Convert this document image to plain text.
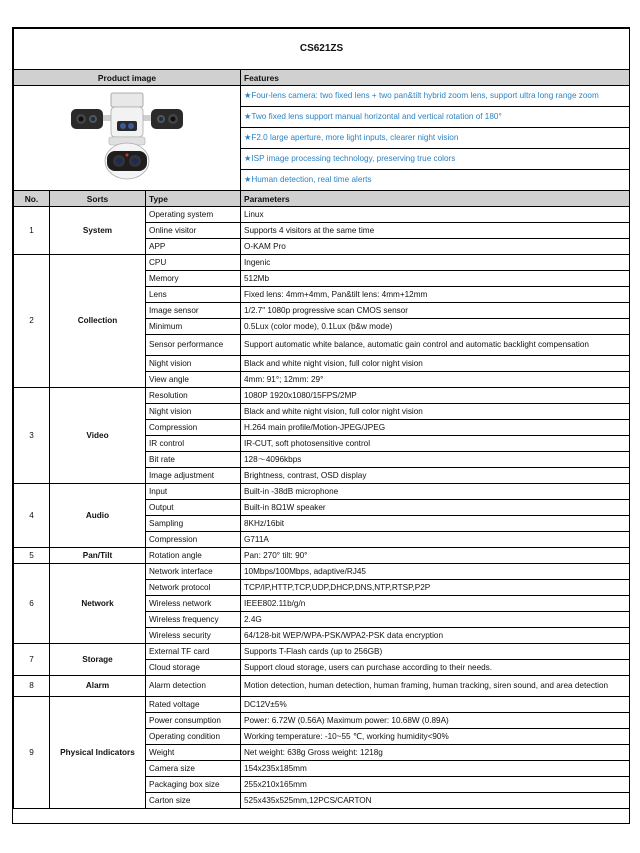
CS621ZS			
Product image			Features
	★Four-lens camera: two fixed lens + two pan&tilt hybrid zoom lens, support ultra long range zoom
			★Two fixed lens support manual horizontal and vertical rotation of 180°
			★F2.0 large aperture, more light inputs, clearer night vision
			★ISP image processing technology, preserving true colors
			★Human detection, real time alerts
No.	Sorts	Type	Parameters
1	System	Operating system	Linux
		Online visitor	Supports 4 visitors at the same time
		APP	O-KAM Pro
2	Collection	CPU	Ingenic
		Memory	512Mb
		Lens	Fixed lens: 4mm+4mm, Pan&tilt lens: 4mm+12mm
		Image sensor	1/2.7" 1080p progressive scan CMOS sensor
		Minimum	0.5Lux (color mode), 0.1Lux (b&w mode)
		Sensor performance	Support automatic white balance, automatic gain control and automatic backlight compensation
		Night vision	Black and white night vision, full color night vision
		View angle	4mm: 91°; 12mm: 29°
3	Video	Resolution	1080P 1920x1080/15FPS/2MP
		Night vision	Black and white night vision, full color night vision
		Compression	H.264 main profile/Motion-JPEG/JPEG
		IR control	IR-CUT, soft photosensitive control
		Bit rate	128～4096kbps
		Image adjustment	Brightness, contrast, OSD display
4	Audio	Input	Built-in -38dB microphone
		Output	Built-in 8Ω1W speaker
		Sampling	8KHz/16bit
		Compression	G711A
5	Pan/Tilt	Rotation angle	Pan: 270° tilt: 90°
6	Network	Network interface	10Mbps/100Mbps, adaptive/RJ45
		Network protocol	TCP/IP,HTTP,TCP,UDP,DHCP,DNS,NTP,RTSP,P2P
		Wireless network	IEEE802.11b/g/n
		Wireless frequency	2.4G
		Wireless security	64/128-bit WEP/WPA-PSK/WPA2-PSK data encryption
7	Storage	External TF card	Supports T-Flash cards (up to 256GB)
		Cloud storage	Support cloud storage, users can purchase according to their needs.
8	Alarm	Alarm detection	Motion detection, human detection, human framing, human tracking, siren sound, and area detection
9	Physical Indicators	Rated voltage	DC12V±5%
		Power consumption	Power: 6.72W (0.56A) Maximum power: 10.68W (0.89A)
		Operating condition	Working temperature: -10~55 ℃, working humidity<90%
		Weight	Net weight: 638g Gross weight: 1218g
		Camera size	154x235x185mm
		Packaging box size	255x210x165mm
		Carton size	525x435x525mm,12PCS/CARTON
